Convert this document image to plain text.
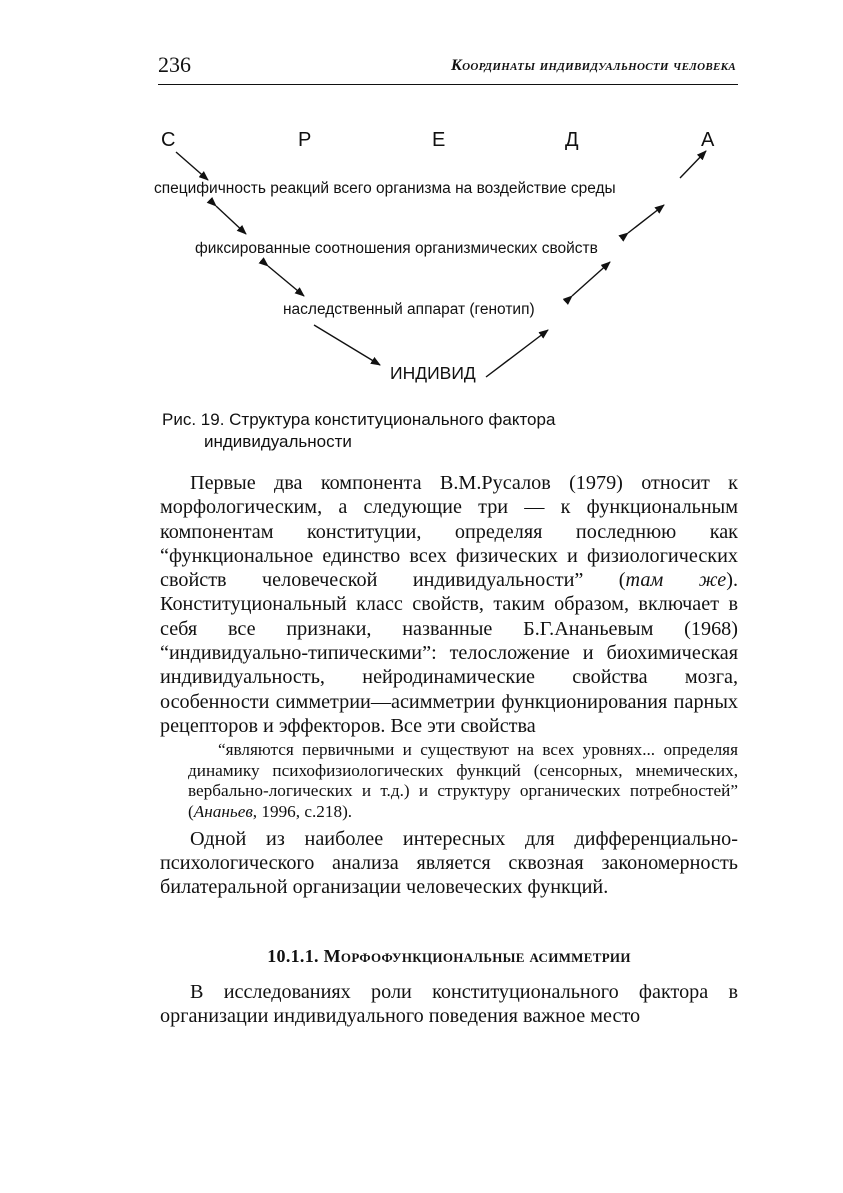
236	Координаты индивидуальности человека
С	Р	Е	Д	А
специфичность реакций всего организма на воздействие среды
фиксированные соотношения организмических свойств
наследственный аппарат (генотип)
ИНДИВИД
Рис. 19. Структура конституционального фактора
индивидуальности

Первые два компонента В.М.Русалов (1979) относит к морфологическим, а следующие три — к функциональным компонентам конституции, определяя последнюю как “функциональное единство всех физических и физиологических свойств человеческой индивидуальности” (там же). Конституциональный класс свойств, таким образом, включает в себя все признаки, названные Б.Г.Ананьевым (1968) “индивидуально-типическими”: телосложение и биохимическая индивидуальность, нейродинамические свойства мозга, особенности симметрии—асимметрии функционирования парных рецепторов и эффекторов. Все эти свойства

“являются первичными и существуют на всех уровнях... определяя динамику психофизиологических функций (сенсорных, мнемических, вербально-логических и т.д.) и структуру органических потребностей” (Ананьев, 1996, с.218).

Одной из наиболее интересных для дифференциально-психологического анализа является сквозная закономерность билатеральной организации человеческих функций.

10.1.1. Морфофункциональные асимметрии

В исследованиях роли конституционального фактора в организации индивидуального поведения важное место
